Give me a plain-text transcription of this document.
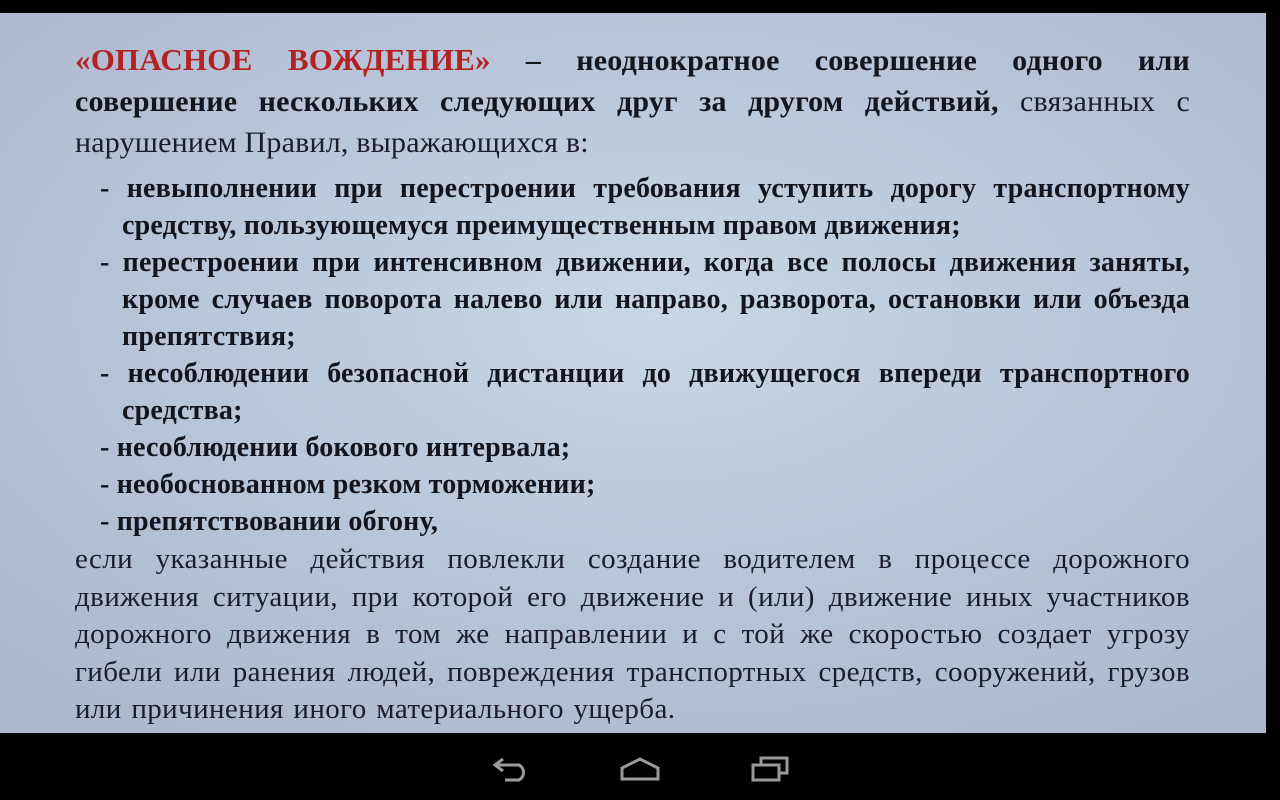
«ОПАСНОЕ ВОЖДЕНИЕ» – неоднократное совершение одного или совершение нескольких следующих друг за другом действий, связанных с нарушением Правил, выражающихся в:

- невыполнении при перестроении требования уступить дорогу транспортному средству, пользующемуся преимущественным правом движения;
- перестроении при интенсивном движении, когда все полосы движения заняты, кроме случаев поворота налево или направо, разворота, остановки или объезда препятствия;
- несоблюдении безопасной дистанции до движущегося впереди транспортного средства;
- несоблюдении бокового интервала;
- необоснованном резком торможении;
- препятствовании обгону,

если указанные действия повлекли создание водителем в процессе дорожного движения ситуации, при которой его движение и (или) движение иных участников дорожного движения в том же направлении и с той же скоростью создает угрозу гибели или ранения людей, повреждения транспортных средств, сооружений, грузов или причинения иного материального ущерба.
